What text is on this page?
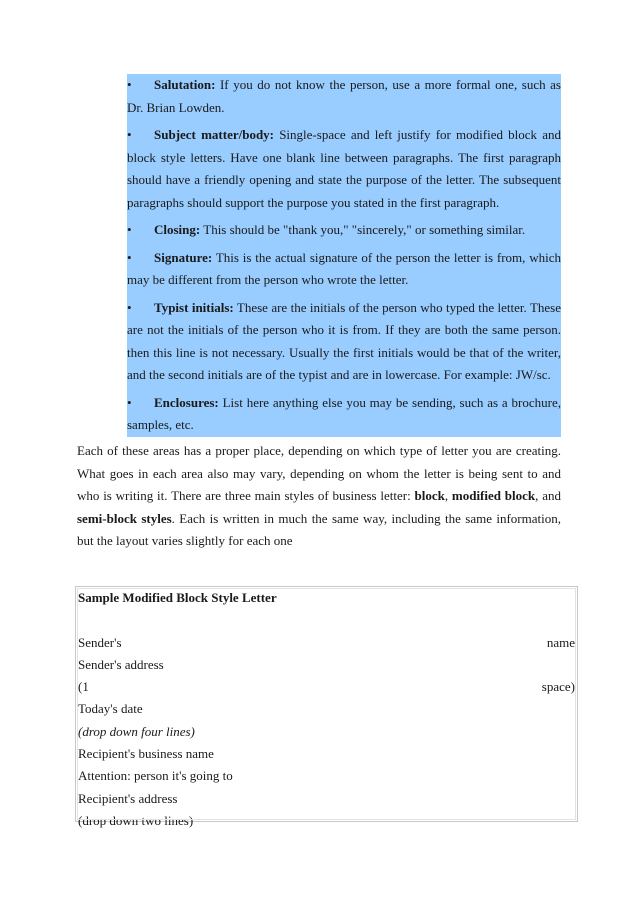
• Salutation: If you do not know the person, use a more formal one, such as Dr. Brian Lowden.

• Subject matter/body: Single-space and left justify for modified block and block style letters. Have one blank line between paragraphs. The first paragraph should have a friendly opening and state the purpose of the letter. The subsequent paragraphs should support the purpose you stated in the first paragraph.

• Closing: This should be "thank you," "sincerely," or something similar.

• Signature: This is the actual signature of the person the letter is from, which may be different from the person who wrote the letter.

• Typist initials: These are the initials of the person who typed the letter. These are not the initials of the person who it is from. If they are both the same person. then this line is not necessary. Usually the first initials would be that of the writer, and the second initials are of the typist and are in lowercase. For example: JW/sc.

• Enclosures: List here anything else you may be sending, such as a brochure, samples, etc.

Each of these areas has a proper place, depending on which type of letter you are creating. What goes in each area also may vary, depending on whom the letter is being sent to and who is writing it. There are three main styles of business letter: block, modified block, and semi-block styles. Each is written in much the same way, including the same information, but the layout varies slightly for each one

Sample Modified Block Style Letter
Sender's	name
Sender's address
(1	space)
Today's date
(drop down four lines)
Recipient's business name
Attention: person it's going to
Recipient's address
(drop down two lines)
